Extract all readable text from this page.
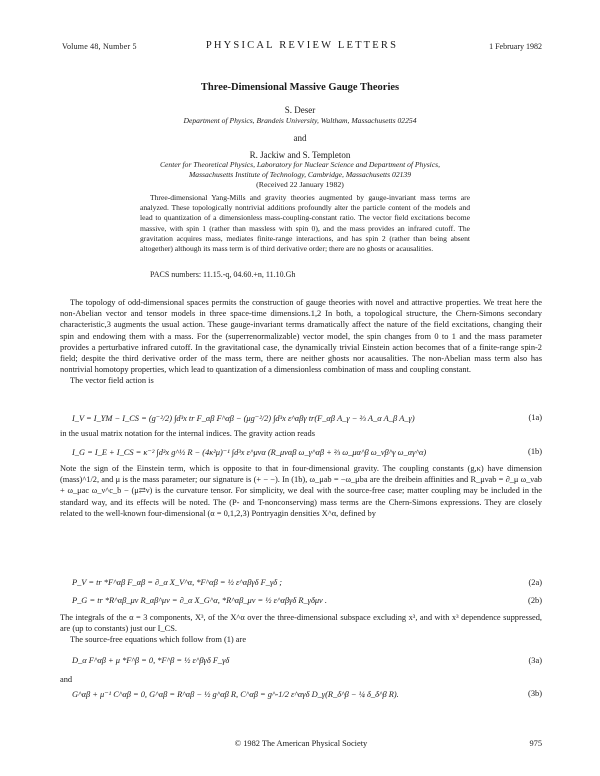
Volume 48, Number 5	PHYSICAL REVIEW LETTERS	1 February 1982
Three-Dimensional Massive Gauge Theories
S. Deser
Department of Physics, Brandeis University, Waltham, Massachusetts 02254
and
R. Jackiw and S. Templeton
Center for Theoretical Physics, Laboratory for Nuclear Science and Department of Physics,
Massachusetts Institute of Technology, Cambridge, Massachusetts 02139
(Received 22 January 1982)
Three-dimensional Yang-Mills and gravity theories augmented by gauge-invariant mass terms are analyzed. These topologically nontrivial additions profoundly alter the particle content of the models and lead to quantization of a dimensionless mass-coupling-constant ratio. The vector field excitations become massive, with spin 1 (rather than massless with spin 0), and the mass provides an infrared cutoff. The gravitation acquires mass, mediates finite-range interactions, and has spin 2 (rather than being absent altogether) although its mass term is of third derivative order; there are no ghosts or acausalities.
PACS numbers: 11.15.-q, 04.60.+n, 11.10.Gh

The topology of odd-dimensional spaces permits the construction of gauge theories with novel and attractive properties. We treat here the non-Abelian vector and tensor models in three space-time dimensions.1,2 In both, a topological structure, the Chern-Simons secondary characteristic,3 augments the usual action. These gauge-invariant terms dramatically affect the nature of the field excitations, changing their spin and endowing them with a mass. For the (superrenormalizable) vector model, the spin changes from 0 to 1 and the mass parameter provides a perturbative infrared cutoff. In the gravitational case, the dynamically trivial Einstein action becomes that of a finite-range spin-2 field; despite the third derivative order of the mass term, there are neither ghosts nor acausalities. The non-Abelian mass term also has nontrivial homotopy properties, which lead to quantization of a dimensionless combination of mass and coupling constant.

The vector field action is

I_V = I_YM − I_CS = (g⁻²/2) ∫d³x tr F_αβ F^αβ − (μg⁻²/2) ∫d³x ε^αβγ tr(F_αβ A_γ − ⅔ A_α A_β A_γ)	(1a)

in the usual matrix notation for the internal indices. The gravity action reads

I_G = I_E + I_CS = κ⁻² ∫d³x g^½ R − (4κ²μ)⁻¹ ∫d³x ε^μνα (R_μναβ ω_γ^αβ + ⅔ ω_μα^β ω_νβ^γ ω_αγ^α)	(1b)

Note the sign of the Einstein term, which is opposite to that in four-dimensional gravity. The coupling constants (g,κ) have dimension (mass)^1/2, and μ is the mass parameter; our signature is (+ − −). In (1b), ω_μab = −ω_μba are the dreibein affinities and R_μνab = ∂_μ ω_νab + ω_μac ω_ν^c_b − (μ⇄ν) is the curvature tensor. For simplicity, we deal with the source-free case; matter coupling may be included in the standard way, and its effects will be noted. The (P- and T-nonconserving) mass terms are the Chern-Simons expressions. They are closely related to the well-known four-dimensional (α = 0,1,2,3) Pontryagin densities X^α, defined by

P_V = tr *F^αβ F_αβ = ∂_α X_V^α, *F^αβ = ½ ε^αβγδ F_γδ ;	(2a)
P_G = tr *R^αβ_μν R_αβ^μν = ∂_α X_G^α, *R^αβ_μν = ½ ε^αβγδ R_γδμν .	(2b)

The integrals of the α = 3 components, X³, of the X^α over the three-dimensional subspace excluding x³, and with x³ dependence suppressed, are (up to constants) just our I_CS.

The source-free equations which follow from (1) are

D_α F^αβ + μ *F^β = 0, *F^β = ½ ε^βγδ F_γδ	(3a)

and

G^αβ + μ⁻¹ C^αβ = 0, G^αβ = R^αβ − ½ g^αβ R, C^αβ = g^-1/2 ε^αγδ D_γ(R_δ^β − ¼ δ_δ^β R).	(3b)
© 1982 The American Physical Society	975
